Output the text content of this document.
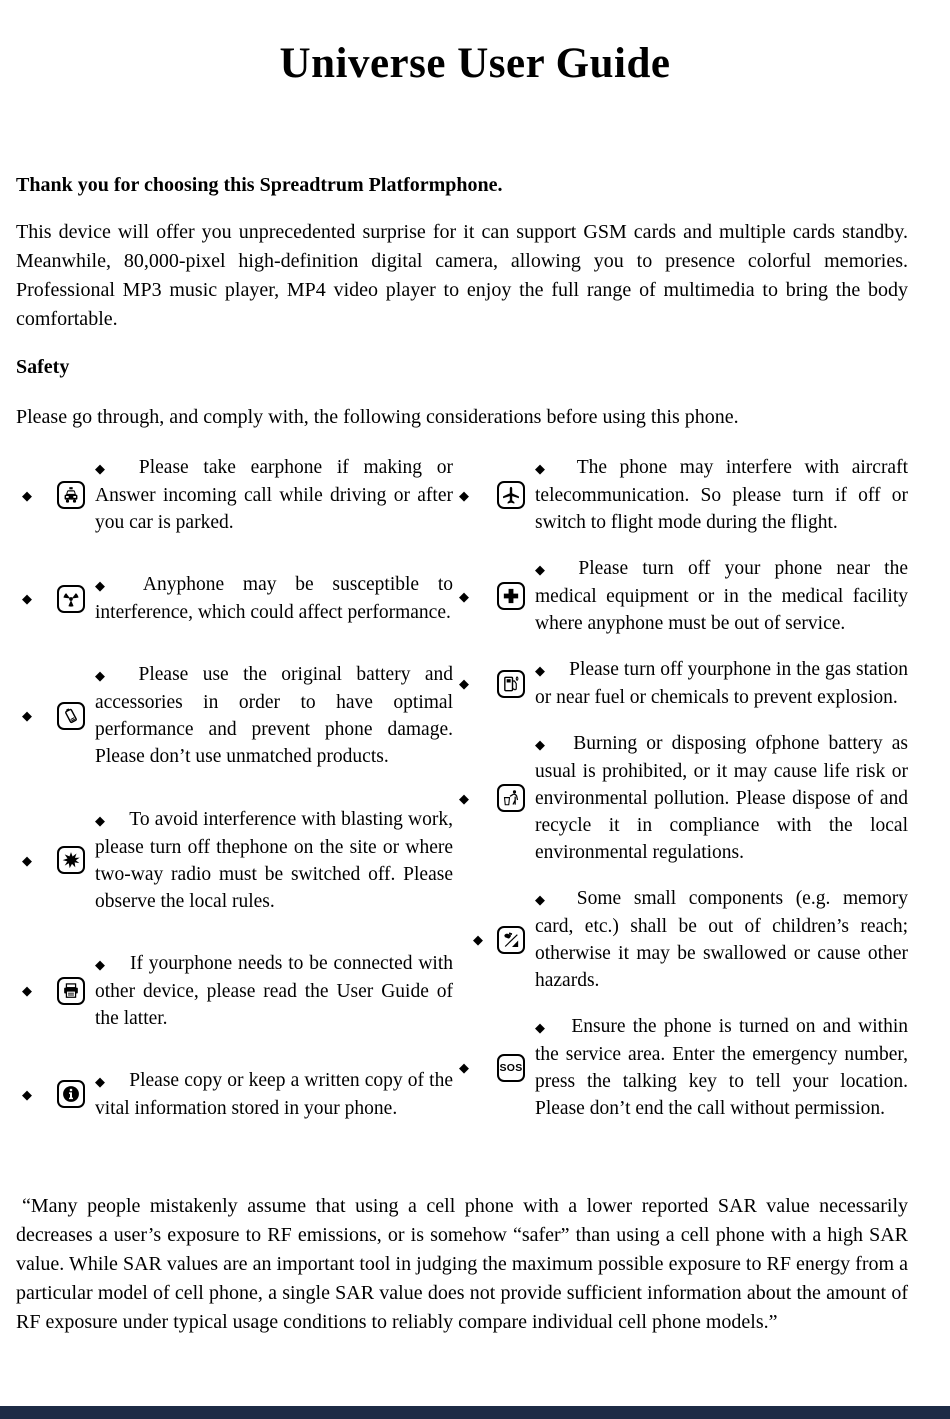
Universe User Guide

Thank you for choosing this Spreadtrum Platformphone.

This device will offer you unprecedented surprise for it can support GSM cards and multiple cards standby. Meanwhile, 80,000-pixel high-definition digital camera, allowing you to presence colorful memories. Professional MP3 music player, MP4 video player to enjoy the full range of multimedia to bring the body comfortable.

Safety

Please go through, and comply with, the following considerations before using this phone.

◆
◆ Please take earphone if making or Answer incoming call while driving or after you car is parked.
◆
◆ Anyphone may be susceptible to interference, which could affect performance.
◆
◆ Please use the original battery and accessories in order to have optimal performance and prevent phone damage. Please don’t use unmatched products.
◆
◆ To avoid interference with blasting work, please turn off thephone on the site or where two-way radio must be switched off. Please observe the local rules.
◆
◆ If yourphone needs to be connected with other device, please read the User Guide of the latter.
◆
◆ Please copy or keep a written copy of the vital information stored in your phone.
◆
◆ The phone may interfere with aircraft telecommunication. So please turn if off or switch to flight mode during the flight.
◆
◆ Please turn off your phone near the medical equipment or in the medical facility where anyphone must be out of service.
◆
◆ Please turn off yourphone in the gas station or near fuel or chemicals to prevent explosion.
◆
◆ Burning or disposing ofphone battery as usual is prohibited, or it may cause life risk or environmental pollution. Please dispose of and recycle it in compliance with the local environmental regulations.
◆
◆ Some small components (e.g. memory card, etc.) shall be out of children’s reach; otherwise it may be swallowed or cause other hazards.
◆	SOS
◆ Ensure the phone is turned on and within the service area. Enter the emergency number, press the talking key to tell your location. Please don’t end the call without permission.

“Many people mistakenly assume that using a cell phone with a lower reported SAR value necessarily decreases a user’s exposure to RF emissions, or is somehow “safer” than using a cell phone with a high SAR value. While SAR values are an important tool in judging the maximum possible exposure to RF energy from a particular model of cell phone, a single SAR value does not provide sufficient information about the amount of RF exposure under typical usage conditions to reliably compare individual cell phone models.”
